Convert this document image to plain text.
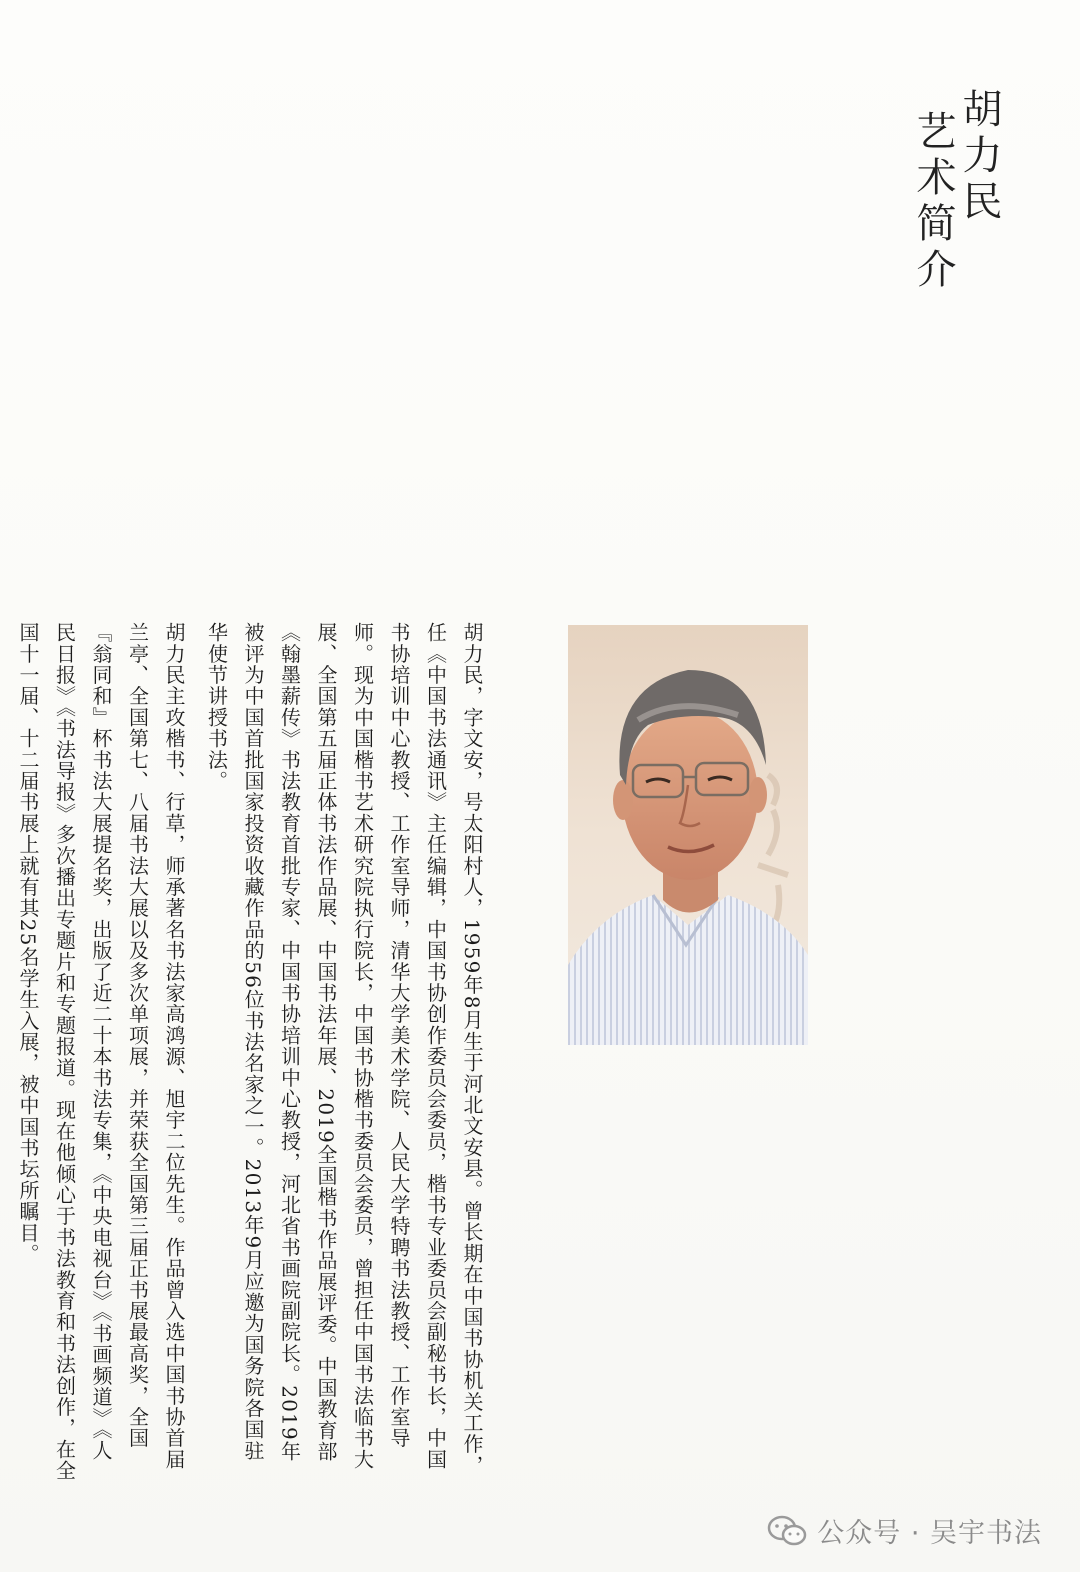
胡力民
艺术简介

胡力民，字文安，号太阳村人，1959年8月生于河北文安县。曾长期在中国书协机关工作，任《中国书法通讯》主任编辑，中国书协创作委员会委员，楷书专业委员会副秘书长，中国书协培训中心教授、工作室导师，清华大学美术学院、人民大学特聘书法教授、工作室导师。现为中国楷书艺术研究院执行院长，中国书协楷书委员会委员，曾担任中国书法临书大展、全国第五届正体书法作品展、中国书法年展、2019全国楷书作品展评委。中国教育部《翰墨薪传》书法教育首批专家、中国书协培训中心教授，河北省书画院副院长。2019年被评为中国首批国家投资收藏作品的56位书法名家之一。2013年9月应邀为国务院各国驻华使节讲授书法。

胡力民主攻楷书、行草，师承著名书法家高鸿源、旭宇二位先生。作品曾入选中国书协首届兰亭、全国第七、八届书法大展以及多次单项展，并荣获全国第三届正书展最高奖，全国『翁同和』杯书法大展提名奖，出版了近二十本书法专集，《中央电视台》《书画频道》《人民日报》《书法导报》多次播出专题片和专题报道。现在他倾心于书法教育和书法创作，在全国十一届、十二届书展上就有其25名学生入展，被中国书坛所瞩目。

公众号 · 吴宇书法
